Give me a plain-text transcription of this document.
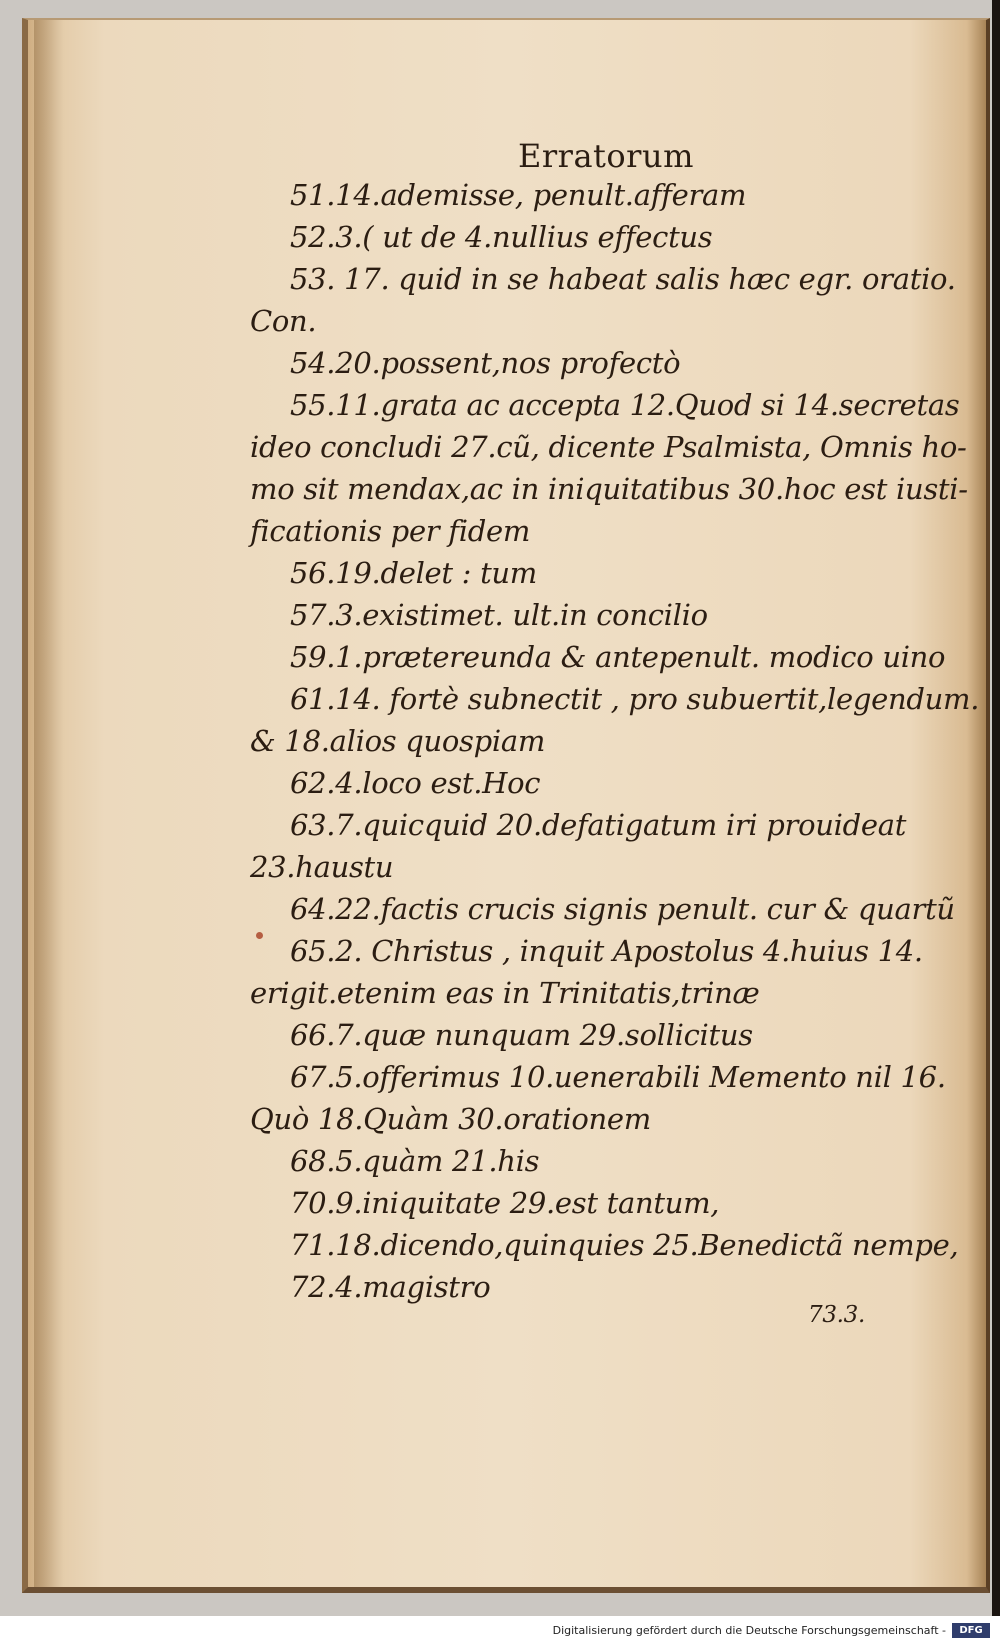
Erratorum
51.14.ademisse, penult.afferam
52.3.( ut de 4.nullius effectus
53. 17. quid in se habeat salis hæc egr. oratio.
Con.
54.20.possent,nos profectò
55.11.grata ac accepta 12.Quod si 14.secretas
ideo concludi 27.cũ, dicente Psalmista, Omnis ho-
mo sit mendax,ac in iniquitatibus 30.hoc est iusti-
ficationis per fidem
56.19.delet : tum
57.3.existimet. ult.in concilio
59.1.prætereunda & antepenult. modico uino
61.14. fortè subnectit , pro subuertit,legendum.
& 18.alios quospiam
62.4.loco est.Hoc
63.7.quicquid 20.defatigatum iri prouideat
23.haustu
64.22.factis crucis signis penult. cur & quartũ
65.2. Christus , inquit Apostolus 4.huius 14.
erigit.etenim eas in Trinitatis,trinæ
66.7.quæ nunquam 29.sollicitus
67.5.offerimus 10.uenerabili Memento nil 16.
Quò 18.Quàm 30.orationem
68.5.quàm 21.his
70.9.iniquitate 29.est tantum,
71.18.dicendo,quinquies 25.Benedictã nempe,
72.4.magistro
73.3.
Digitalisierung gefördert durch die Deutsche Forschungsgemeinschaft -	DFG
